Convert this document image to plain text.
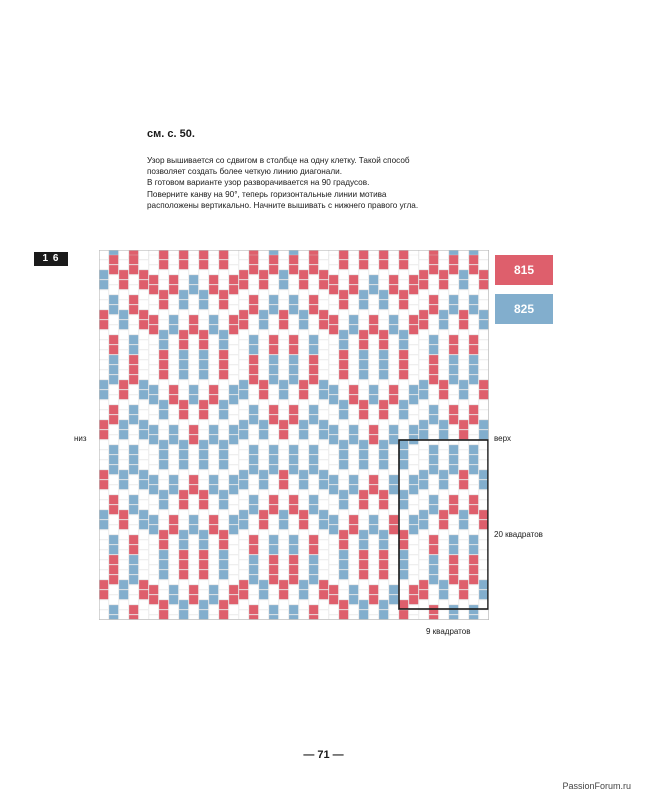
см. с. 50.
Узор вышивается со сдвигом в столбце на одну клетку. Такой способ
позволяет создать более четкую линию диагонали.
В готовом варианте узор разворачивается на 90 градусов.
Поверните канву на 90°, теперь горизонтальные линии мотива
расположены вертикально. Начните вышивать с нижнего правого угла.
1 6
815
825
низ	верх
20 квадратов
9 квадратов
— 71 —
PassionForum.ru
